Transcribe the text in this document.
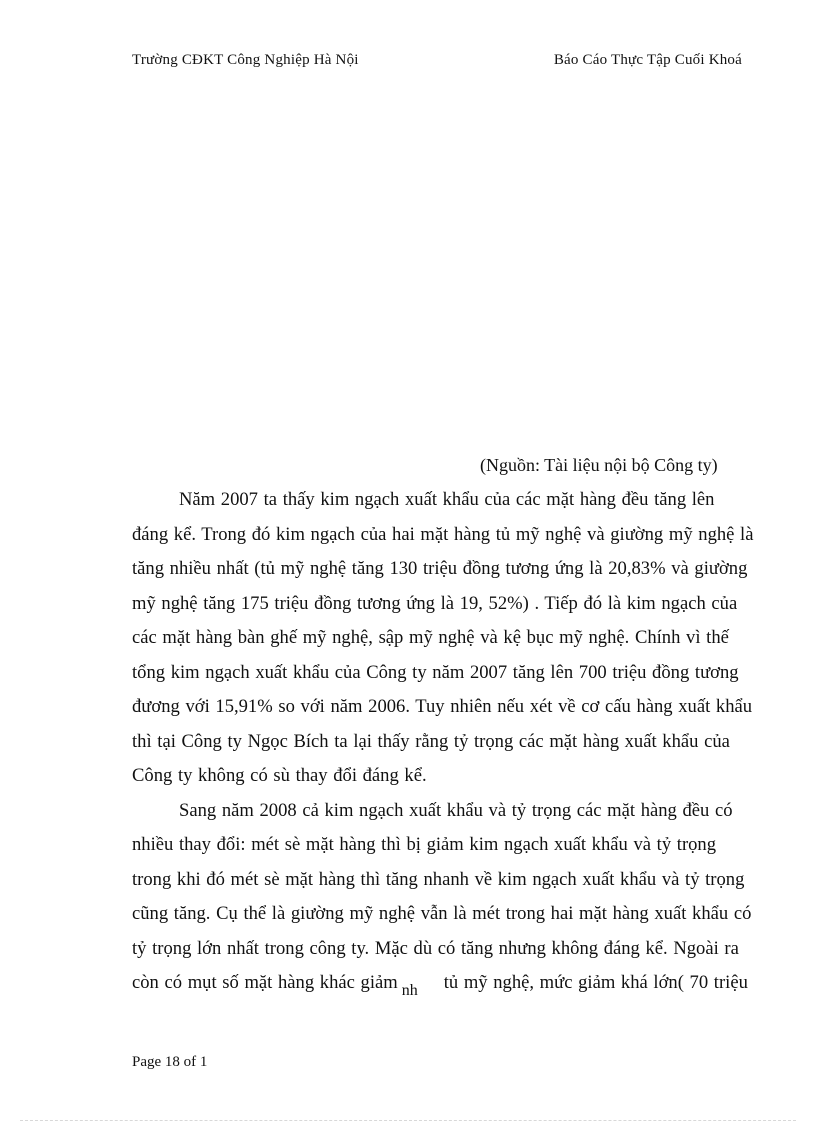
Trường CĐKT Công Nghiệp Hà Nội	Báo Cáo Thực Tập Cuối Khoá
(Nguồn: Tài liệu nội bộ Công ty)
Năm 2007 ta thấy kim ngạch xuất khẩu của các mặt hàng đều tăng lên
đáng kể. Trong đó kim ngạch của hai mặt hàng tủ mỹ nghệ và giường mỹ nghệ là
tăng nhiều nhất (tủ mỹ nghệ tăng 130 triệu đồng tương ứng là 20,83% và giường
mỹ nghệ tăng 175 triệu đồng tương ứng là 19, 52%) . Tiếp đó là kim ngạch của
các mặt hàng bàn ghế mỹ nghệ, sập mỹ nghệ và kệ bục mỹ nghệ. Chính vì thế
tổng kim ngạch xuất khẩu của Công ty năm 2007 tăng lên 700 triệu đồng tương
đương với 15,91% so với năm 2006. Tuy nhiên nếu xét về cơ cấu hàng xuất khẩu
thì tại Công ty Ngọc Bích ta lại thấy rằng tỷ trọng các mặt hàng xuất khẩu của
Công ty không có sù thay đổi đáng kể.
Sang năm 2008 cả kim ngạch xuất khẩu và tỷ trọng các mặt hàng đều có
nhiều thay đổi: mét sè mặt hàng thì bị giảm kim ngạch xuất khẩu và tỷ trọng
trong khi đó mét sè mặt hàng thì tăng nhanh về kim ngạch xuất khẩu và tỷ trọng
cũng tăng. Cụ thể là giường mỹ nghệ vẫn là mét trong hai mặt hàng xuất khẩu có
tỷ trọng lớn nhất trong công ty. Mặc dù có tăng nhưng không đáng kể. Ngoài ra
còn có mụt số mặt hàng khác giảm nh tủ mỹ nghệ, mức giảm khá lớn( 70 triệu
Page 18 of 1
